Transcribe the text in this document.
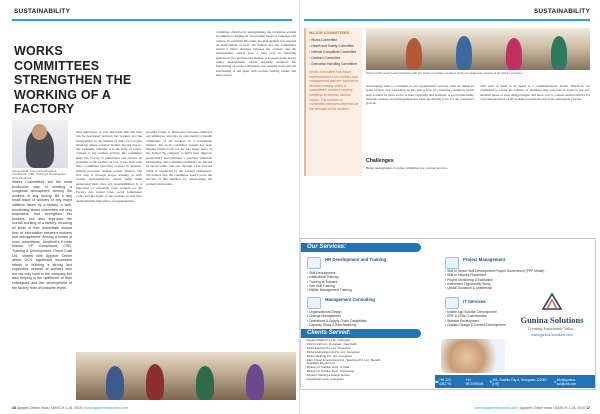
SUSTAINABILITY
WORKS COMMITTEES STRENGTHEN THE WORKING OF A FACTORY
Ameya Dutta, Group Vice President, Compliance, CSR, Training & Development, Orient Craft Ltd.
Works Committees are the most productive way of creating a congenial atmosphere among the workers of any factory. Be it any small issue of workers or any major initiative taken by a factory, a well-functioning works committee not only empowers and strengthen the workers, but also improves the overall working of a factory, ensuring all kinds of free, immediate mutual flow of information between workers and management. Among a series of such committees, Anubhuti's Kumar Manav, VP, Compliance, CSR, Training & Development, Orient Craft Ltd., shares with Apparel Online about OC's significant successful efforts in building a strong and supportive network of workers who are not only loyal to the company but also helping in the upliftment of their colleagues and the development of the factory from all possible levels.
their employees. A very important link and trust can be developed between the workers and the management in the manner of daily face-to-face meetings where workers' leaders discuss day-to-day problems. Whether it is the issue of toilets, canteen or any welfare activity, this committee helps the factory to understand and resolve all problems at the earliest. In fact, it has been seen that a committee involving workers in decision-making processes reduces worker attrition. The first step is through proper training of such worker representatives, which helps them understand their roles and responsibilities. It is important to constantly train workers on the Factory Act, labour laws, social compliance codes and the rights of the workers so that they understand the importance of representation.
possible forum of interaction between employer and employee, and also an opportunity to handle complaints of all workers in a transparent manner. The work committee system has been helping Orient Craft for the last many years. It has helped the company to build trust, improve productivity and maintain a peaceful industrial relationship. The committee members are elected by secret ballot, and also through a fair process which is conducted by the workers themselves. We believe that the committee would prove the success of this initiative by transforming the workers into leaders.
16 Apparel Online India | MARCH 1-15, 2019 | www.apparelresources.com
committee effective by strengthening the workplace system in addition to helping in overcoming issues of language and culture. To establish this team, the management has ensured an environment of trust. We believe that the committees ensure a better dialogue between the workers and the management, which goes a long way in resolving grievances in a professional manner. A focused group led by senior management, which regularly monitors the functioning of works committees, has resulted in the smooth functioning of the plant with workers feeling valued and empowered.
SUSTAINABILITY
MAJOR COMMITTEES
• Works Committee
• Health and Safety Committee
• Internal Complaints Committee
• Canteen Committee
• Grievance Handling Committee
Works committee has equal representation from workers and management and are involved in decision making which is committees' conduct monthly meetings to discuss various issues. The number of committee members depends on the strength of the workers.
Orient Craft's senior team interacting with the works committee members during an awareness session at the factory premises.
encouraging them to contribute to the organisation's success, with an enhanced sense of their own well-being. In OC, this is how we create the conditions which help workers be more aware of their capability and potential. A good relationship between workers and management has been the driving force for the company's growth.
Challenges
Better management of works committee is a constant process.
with each of them to be heard at a communications forum. Therefore, we committed to revise the number of members that everyone is equal in the pre-decision phase of each design budget, and more so it is a much-needed activity for a fair interpretation of all workplace decisions and of the subsequent process.
www.apparelresources.com | Apparel Online India | MARCH 1-15, 2019 17
Our Services:
HR Development and Training
• Skill Development
• Institutional Training
• Training of Trainers
• Soft Skill Training
• Middle Management Training
Project Management
• Skill to Sector Skill Development Project Government (PPP Model)
• Skill to Industry Placement
• Project Monitoring & Evaluation
• Investment Opportunity Study
• Upskill Guidance & Leadership
Management Consulting
• Organizational Design
• Change Management
• Operations & Supply Chain Capabilities
• Capacity Study & Benchmarking
IT Services
• Mobile App Solution Development
• ERP & CRM Customization
• Website Development
• Graphic Design & Content Development	Gunina Solutions
Creating Sustainable Value...
www.gunina-solutions.com
Clients Served:
• Apparel Made Pvt. Ltd., Gurugram
• Orient Craft Ltd., Gurugram, New Delhi
• Shahi Exports Pvt. Ltd., Gurugram
• Richa Global Exports Pvt. Ltd., Gurugram
• Matrix Clothing Pvt. Ltd., Gurugram
• Ram Chong Employment Ltd., Teaching Pvt. Ltd., Benefit
• Gokaldas Exports Ltd.
• Ministry of Textiles, Govt. of India
• Ministry of Textiles, Govt. Technology
• Apparel Training & Design Centre
• Aravali Garments, Gurugram
☎ +91 124 - 4252791
+91 9810790004	⚑ 201, Sushila City A, Gurugram-122001 (HR)	✉ info@gunina-solutions.com
